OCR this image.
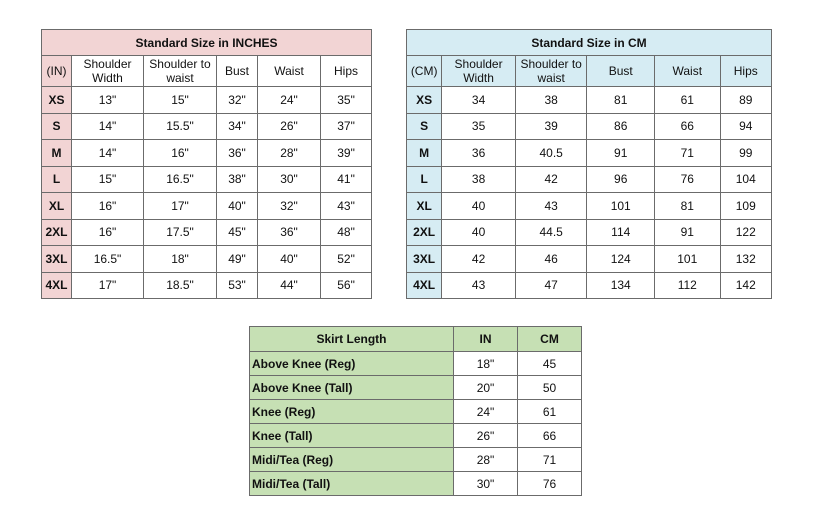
Standard Size in INCHES					
(IN)	Shoulder Width	Shoulder to waist	Bust	Waist	Hips
XS	13"	15"	32"	24"	35"
S	14"	15.5"	34"	26"	37"
M	14"	16"	36"	28"	39"
L	15"	16.5"	38"	30"	41"
XL	16"	17"	40"	32"	43"
2XL	16"	17.5"	45"	36"	48"
3XL	16.5"	18"	49"	40"	52"
4XL	17"	18.5"	53"	44"	56"
Standard Size in CM					
(CM)	Shoulder Width	Shoulder to waist	Bust	Waist	Hips
XS	34	38	81	61	89
S	35	39	86	66	94
M	36	40.5	91	71	99
L	38	42	96	76	104
XL	40	43	101	81	109
2XL	40	44.5	114	91	122
3XL	42	46	124	101	132
4XL	43	47	134	112	142
Skirt Length	IN	CM
Above Knee (Reg)	18"	45
Above Knee (Tall)	20"	50
Knee (Reg)	24"	61
Knee (Tall)	26"	66
Midi/Tea (Reg)	28"	71
Midi/Tea (Tall)	30"	76
